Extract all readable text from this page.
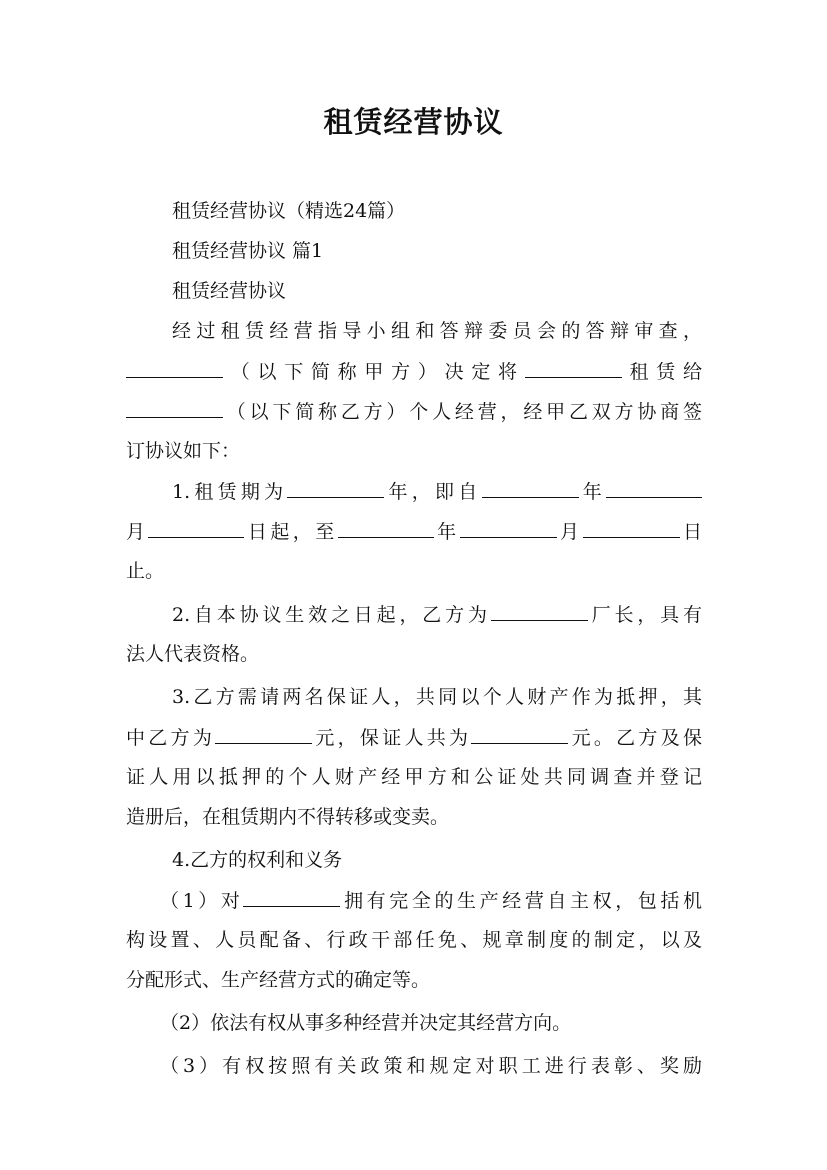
租赁经营协议
租赁经营协议（精选24篇）
租赁经营协议 篇1
租赁经营协议
经过租赁经营指导小组和答辩委员会的答辩审查，
（以下简称甲方）决定将	租赁给
（以下简称乙方）个人经营，经甲乙双方协商签
订协议如下：
1.租赁期为	年，即自	年
月	日起，至	年	月	日
止。
2.自本协议生效之日起，乙方为	厂长，具有
法人代表资格。
3.乙方需请两名保证人，共同以个人财产作为抵押，其
中乙方为	元，保证人共为	元。乙方及保
证人用以抵押的个人财产经甲方和公证处共同调查并登记
造册后，在租赁期内不得转移或变卖。
4.乙方的权利和义务
（1）对	拥有完全的生产经营自主权，包括机
构设置、人员配备、行政干部任免、规章制度的制定，以及
分配形式、生产经营方式的确定等。
（2）依法有权从事多种经营并决定其经营方向。
（3）有权按照有关政策和规定对职工进行表彰、奖励
